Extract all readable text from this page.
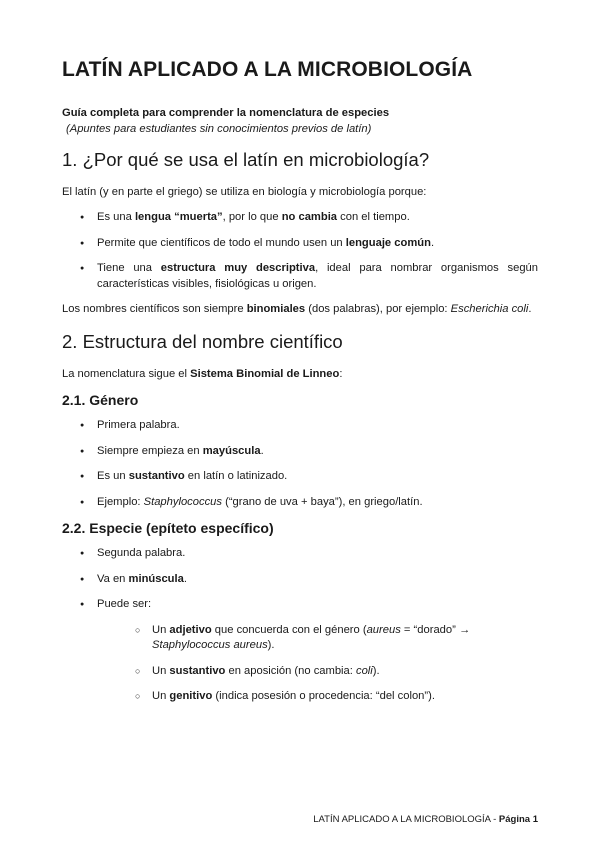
LATÍN APLICADO A LA MICROBIOLOGÍA

Guía completa para comprender la nomenclatura de especies

(Apuntes para estudiantes sin conocimientos previos de latín)

1. ¿Por qué se usa el latín en microbiología?

El latín (y en parte el griego) se utiliza en biología y microbiología porque:

● Es una lengua “muerta”, por lo que no cambia con el tiempo.
● Permite que científicos de todo el mundo usen un lenguaje común.
● Tiene una estructura muy descriptiva, ideal para nombrar organismos según características visibles, fisiológicas u origen.

Los nombres científicos son siempre binomiales (dos palabras), por ejemplo: Escherichia coli.

2. Estructura del nombre científico

La nomenclatura sigue el Sistema Binomial de Linneo:

2.1. Género
● Primera palabra.
● Siempre empieza en mayúscula.
● Es un sustantivo en latín o latinizado.
● Ejemplo: Staphylococcus (“grano de uva + baya”), en griego/latín.
2.2. Especie (epíteto específico)
● Segunda palabra.
● Va en minúscula.
● Puede ser:
○ Un adjetivo que concuerda con el género (aureus = “dorado” → Staphylococcus aureus).
○ Un sustantivo en aposición (no cambia: coli).
○ Un genitivo (indica posesión o procedencia: “del colon”).
LATÍN APLICADO A LA MICROBIOLOGÍA - Página 1
